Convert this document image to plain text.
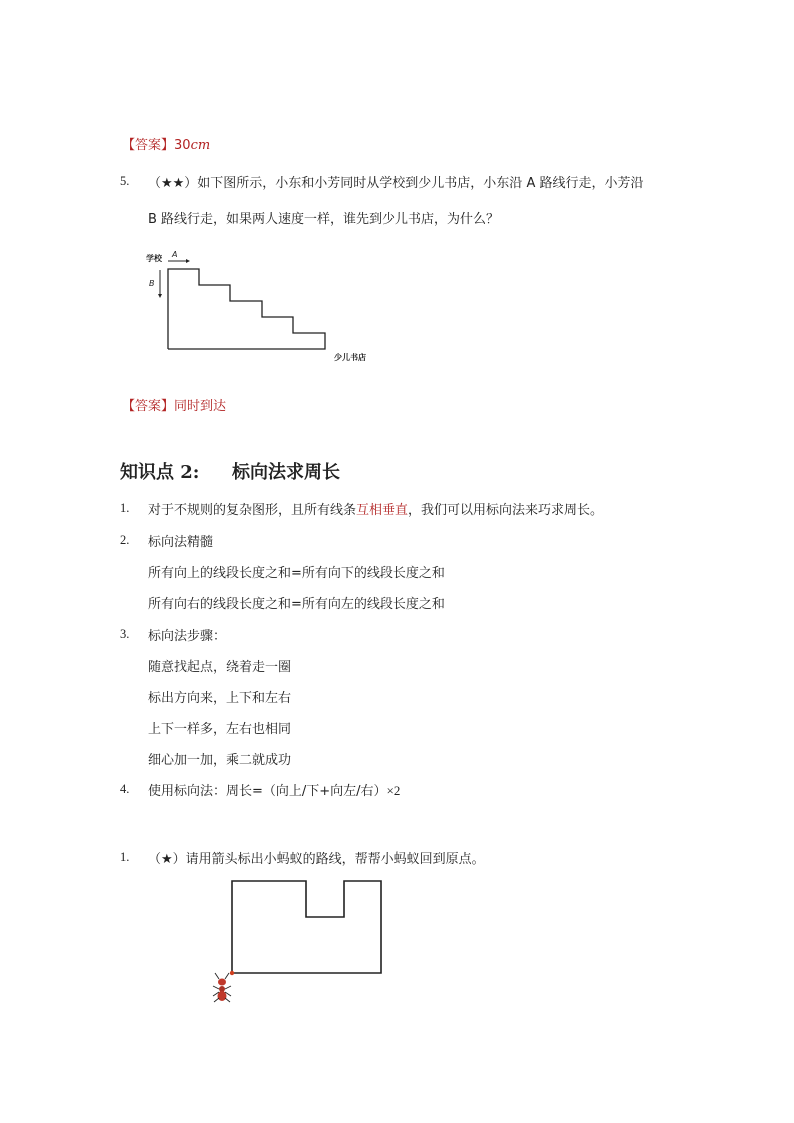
【答案】30cm
5. （★★）如下图所示，小东和小芳同时从学校到少儿书店，小东沿 A 路线行走，小芳沿
B 路线行走，如果两人速度一样，谁先到少儿书店，为什么？
学校 A
B
少儿书店
【答案】同时到达
知识点 2: 标向法求周长
1. 对于不规则的复杂图形，且所有线条互相垂直，我们可以用标向法来巧求周长。
2. 标向法精髓
所有向上的线段长度之和=所有向下的线段长度之和
所有向右的线段长度之和=所有向左的线段长度之和
3. 标向法步骤：
随意找起点，绕着走一圈
标出方向来，上下和左右
上下一样多，左右也相同
细心加一加，乘二就成功
4. 使用标向法：周长=（向上/下+向左/右）×2
1. （★）请用箭头标出小蚂蚁的路线，帮帮小蚂蚁回到原点。
